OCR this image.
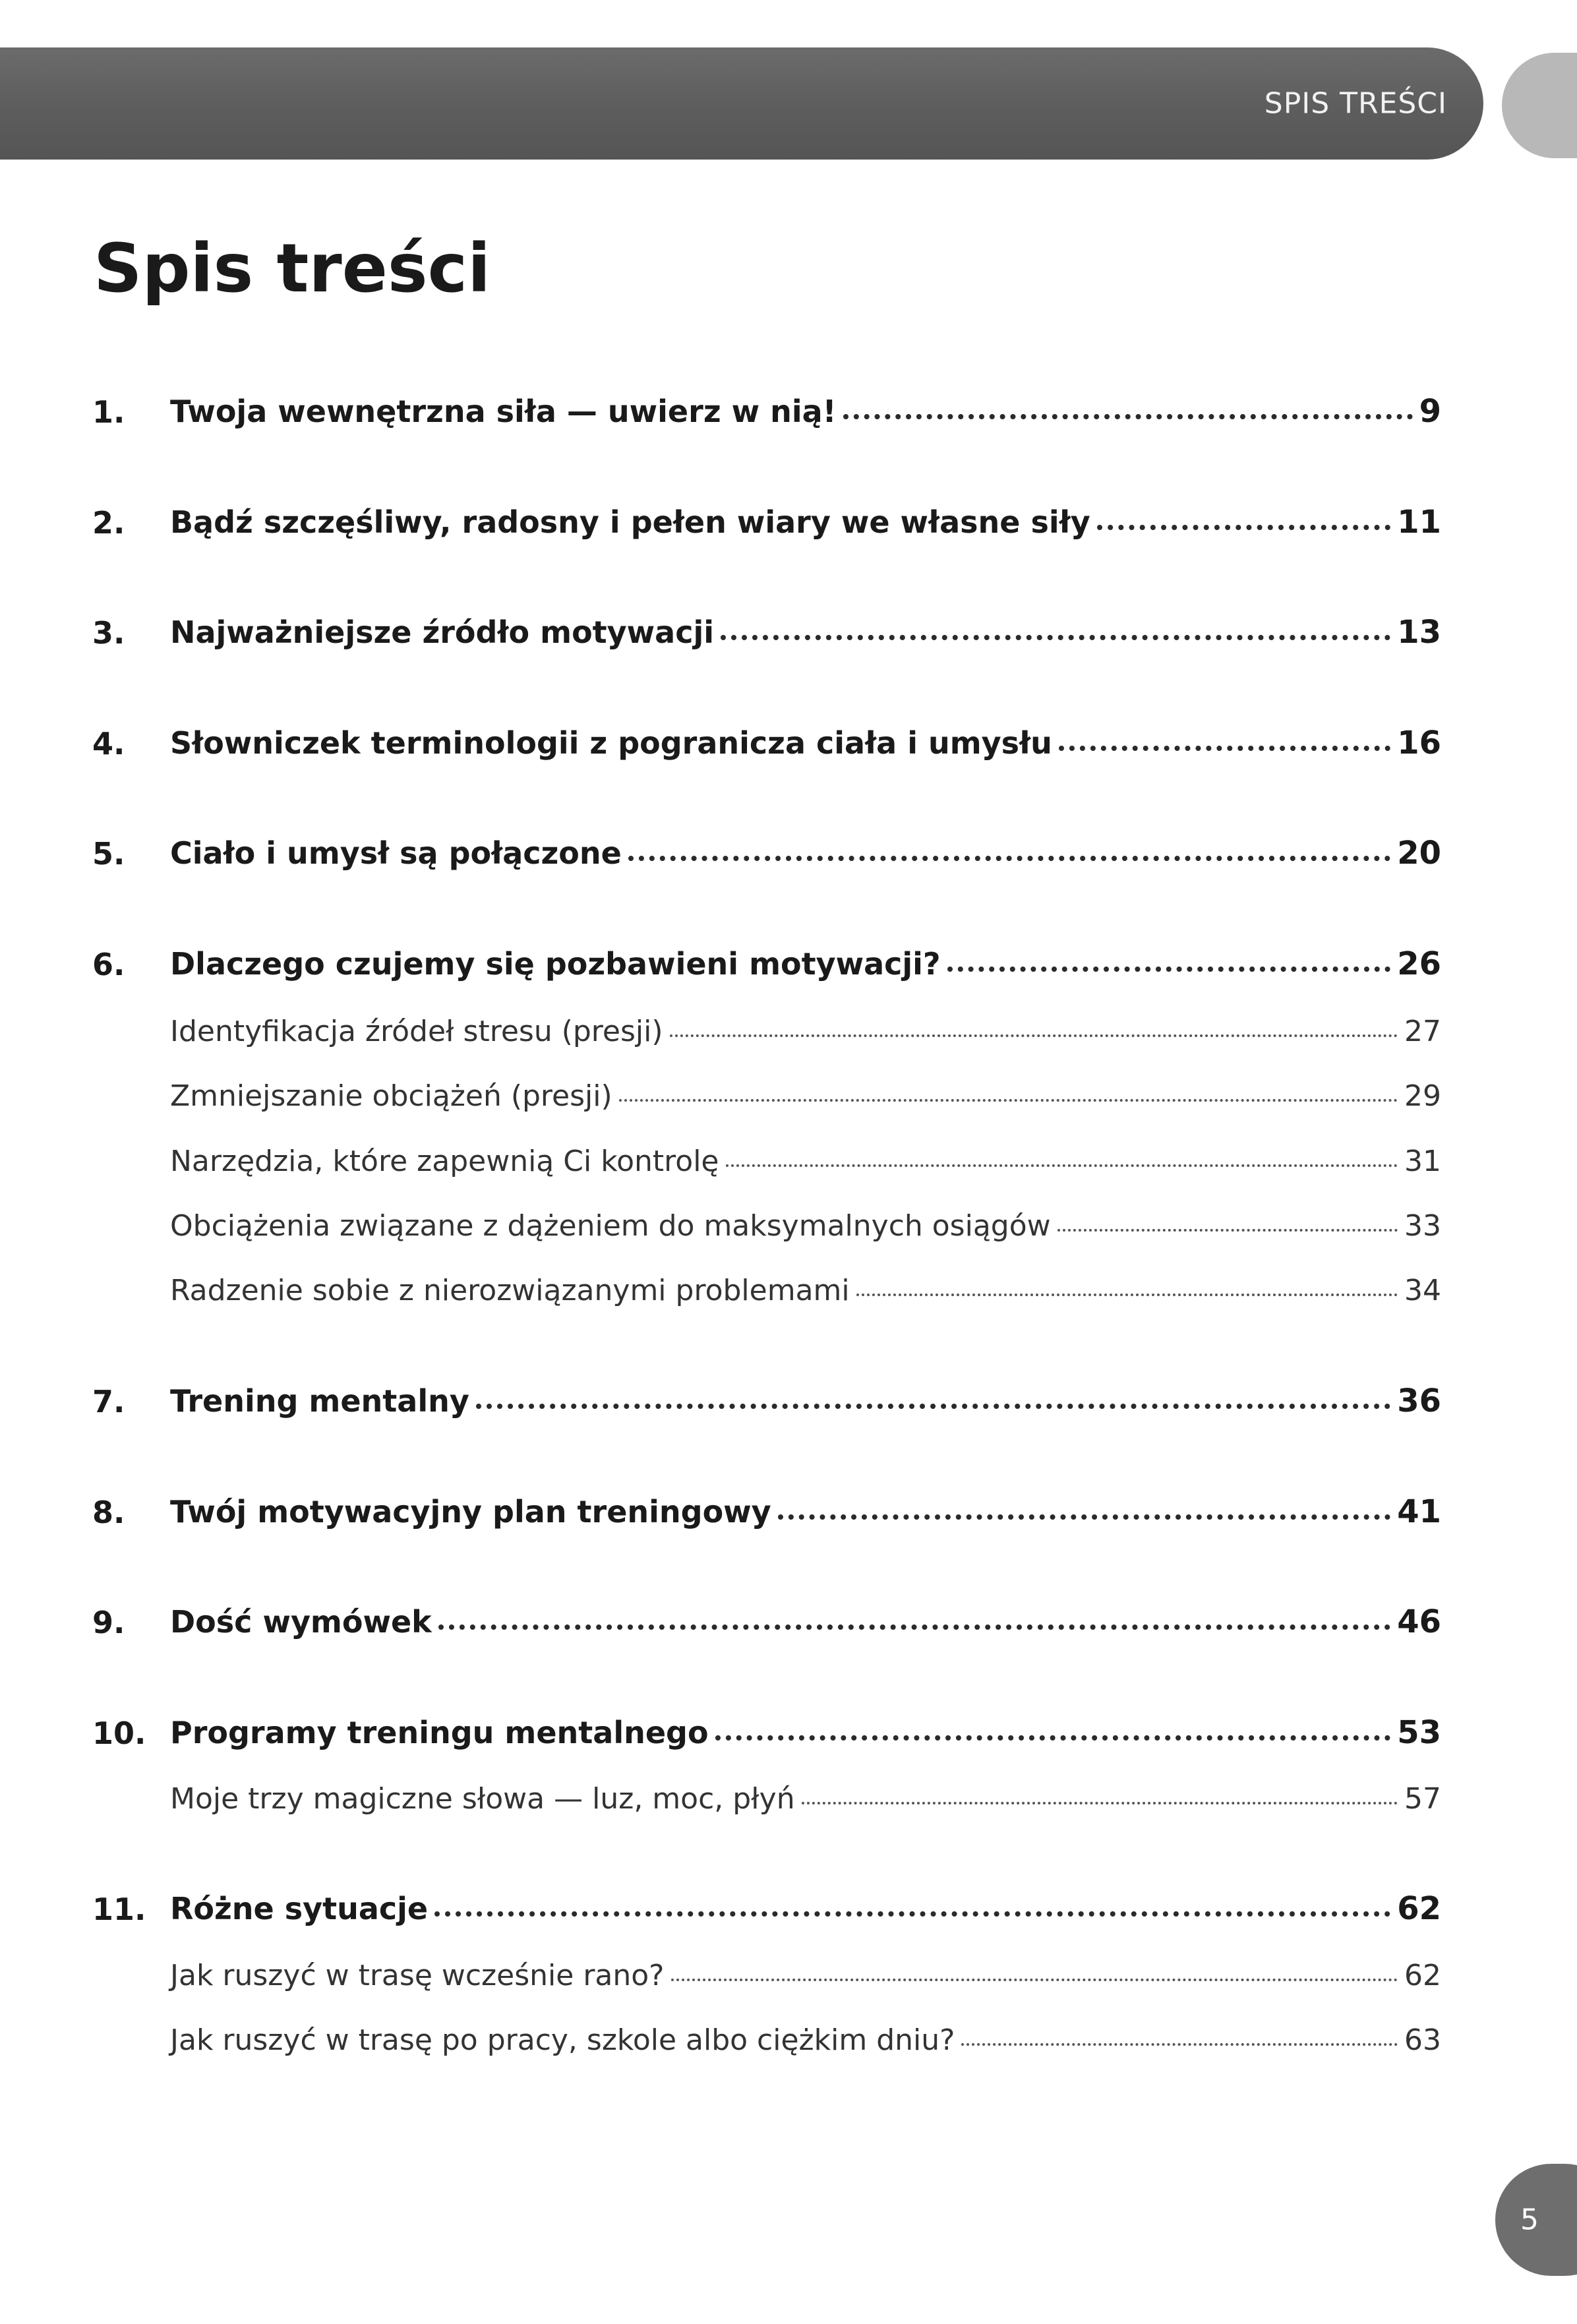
SPIS TREŚCI
Spis treści
1. Twoja wewnętrzna siła — uwierz w nią!	9
2. Bądź szczęśliwy, radosny i pełen wiary we własne siły	11
3. Najważniejsze źródło motywacji	13
4. Słowniczek terminologii z pogranicza ciała i umysłu	16
5. Ciało i umysł są połączone	20
6. Dlaczego czujemy się pozbawieni motywacji?	26
Identyfikacja źródeł stresu (presji)	27
Zmniejszanie obciążeń (presji)	29
Narzędzia, które zapewnią Ci kontrolę	31
Obciążenia związane z dążeniem do maksymalnych osiągów	33
Radzenie sobie z nierozwiązanymi problemami	34
7. Trening mentalny	36
8. Twój motywacyjny plan treningowy	41
9. Dość wymówek	46
10. Programy treningu mentalnego	53
Moje trzy magiczne słowa — luz, moc, płyń	57
11. Różne sytuacje	62
Jak ruszyć w trasę wcześnie rano?	62
Jak ruszyć w trasę po pracy, szkole albo ciężkim dniu?	63
5
